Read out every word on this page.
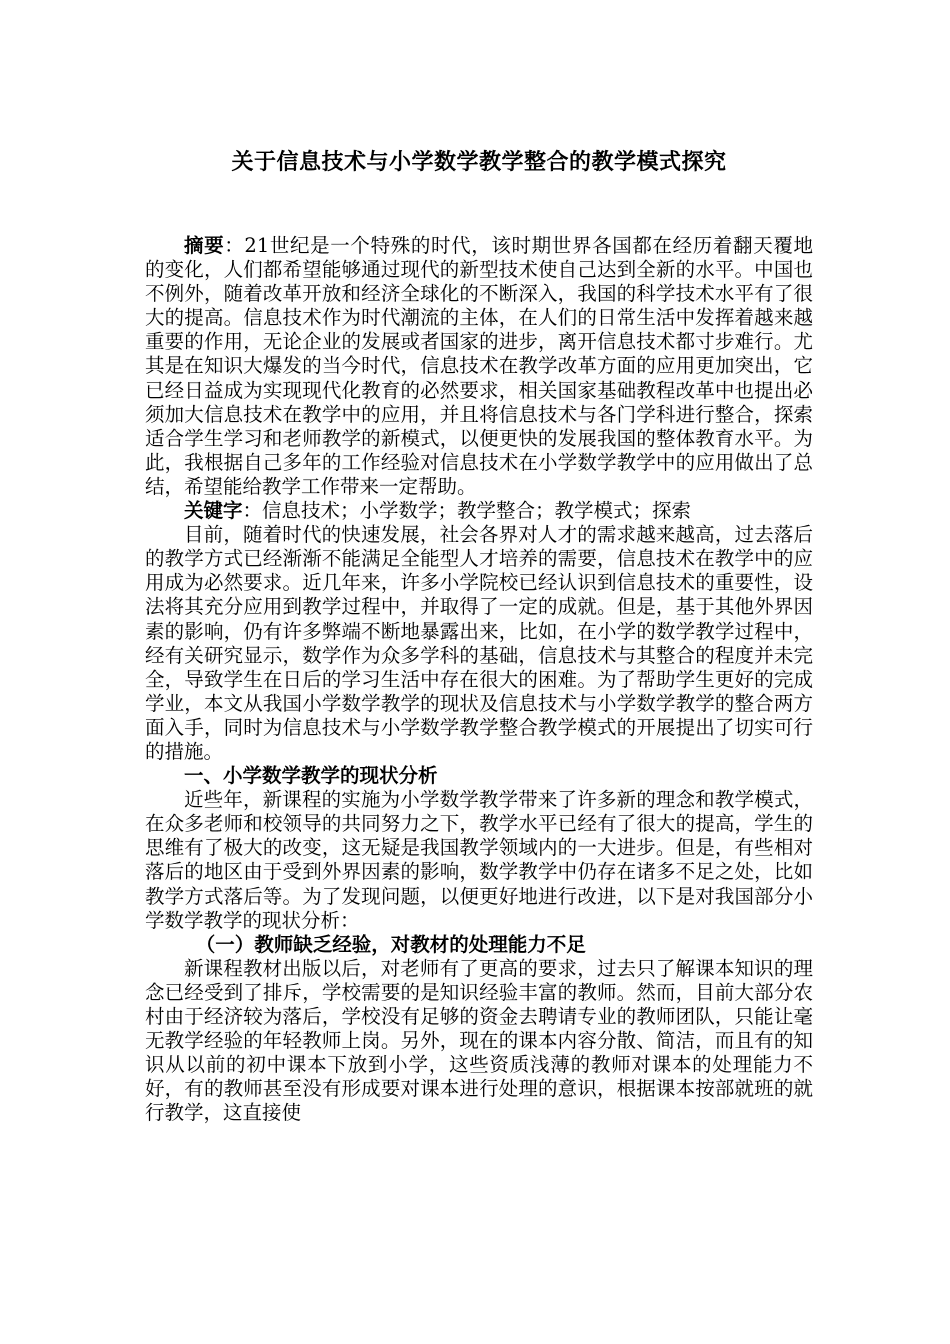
关于信息技术与小学数学教学整合的教学模式探究

摘要：21世纪是一个特殊的时代，该时期世界各国都在经历着翻天覆地的变化，人们都希望能够通过现代的新型技术使自己达到全新的水平。中国也不例外，随着改革开放和经济全球化的不断深入，我国的科学技术水平有了很大的提高。信息技术作为时代潮流的主体，在人们的日常生活中发挥着越来越重要的作用，无论企业的发展或者国家的进步，离开信息技术都寸步难行。尤其是在知识大爆发的当今时代，信息技术在教学改革方面的应用更加突出，它已经日益成为实现现代化教育的必然要求，相关国家基础教程改革中也提出必须加大信息技术在教学中的应用，并且将信息技术与各门学科进行整合，探索适合学生学习和老师教学的新模式，以便更快的发展我国的整体教育水平。为此，我根据自己多年的工作经验对信息技术在小学数学教学中的应用做出了总结，希望能给教学工作带来一定帮助。

关键字：信息技术；小学数学；教学整合；教学模式；探索

目前，随着时代的快速发展，社会各界对人才的需求越来越高，过去落后的教学方式已经渐渐不能满足全能型人才培养的需要，信息技术在教学中的应用成为必然要求。近几年来，许多小学院校已经认识到信息技术的重要性，设法将其充分应用到教学过程中，并取得了一定的成就。但是，基于其他外界因素的影响，仍有许多弊端不断地暴露出来，比如，在小学的数学教学过程中，经有关研究显示，数学作为众多学科的基础，信息技术与其整合的程度并未完全，导致学生在日后的学习生活中存在很大的困难。为了帮助学生更好的完成学业，本文从我国小学数学教学的现状及信息技术与小学数学教学的整合两方面入手，同时为信息技术与小学数学教学整合教学模式的开展提出了切实可行的措施。

一、小学数学教学的现状分析

近些年，新课程的实施为小学数学教学带来了许多新的理念和教学模式，在众多老师和校领导的共同努力之下，教学水平已经有了很大的提高，学生的思维有了极大的改变，这无疑是我国教学领域内的一大进步。但是，有些相对落后的地区由于受到外界因素的影响，数学教学中仍存在诸多不足之处，比如教学方式落后等。为了发现问题，以便更好地进行改进，以下是对我国部分小学数学教学的现状分析：

（一）教师缺乏经验，对教材的处理能力不足

新课程教材出版以后，对老师有了更高的要求，过去只了解课本知识的理念已经受到了排斥，学校需要的是知识经验丰富的教师。然而，目前大部分农村由于经济较为落后，学校没有足够的资金去聘请专业的教师团队，只能让毫无教学经验的年轻教师上岗。另外，现在的课本内容分散、简洁，而且有的知识从以前的初中课本下放到小学，这些资质浅薄的教师对课本的处理能力不好，有的教师甚至没有形成要对课本进行处理的意识，根据课本按部就班的就行教学，这直接使
